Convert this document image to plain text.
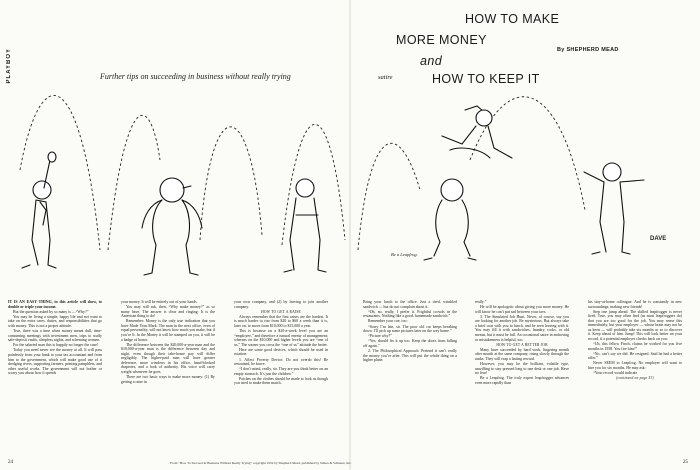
PLAYBOY
HOW TO MAKE
MORE MONEY
and
HOW TO KEEP IT
By SHEPHERD MEAD
Further tips on succeeding in business without really trying	satire
DAVE
Be a Leapfrog.

IT IS AN EASY THING, in this article will show, to double or triple your income.

But the question asked by so many is —“Why?”

You may be living a simple, happy life and not want to take on the extra cares, duties, and responsibilities that go with money. This is not a proper attitude.

True, there was a time when money meant dull, time-consuming meetings with investment men, trips to stuffy safe-deposit vaults, sleepless nights, and scheming women.

For the salaried man this is happily no longer the case!

Today you need never see the money at all. It will pass painlessly from your bank to your tax accountant and from him to the government, which will make good use of it dredging rivers, supporting farmers, printing pamphlets, and other useful works. The government will not bother or worry you about how it spends

your money. It will be entirely out of your hands.

You may still ask, then, “Why make money?” as so many have. The answer is clear and ringing: It is the American thing to do!

Remember: Money is the only true indication that you have Made Your Mark. The man in the next office, even of equal personality, will not know how much you make, but if you’re It. In the Money it will be stamped on you, it will be a badge of honor.

The difference between the $20,000-a-year man and the $18,000-a-year man is the difference between day and night, even though their take-home pay will differ negligibly. The higher-paid man will have greater deference, more windows in his office, hand-blocked draperies, and a look of authority. His voice will carry weight whenever he goes.

There are two basic ways to make more money: (1) By getting a raise in

your own company, and (2) by leaving to join another company.

HOW TO GET A RAISE

Always remember that the first raises are the hardest. It is much harder to rise from $20 to $60 a week than it is, later on, to move from $10,000 to $15,000 a year.

This is because on a $20-a-week level you are an “employee,” and therefore a natural enemy of management; whereas on the $10,000 and higher levels you are “one of us.” The sooner you cross the “one of us” attitude the better.

Here are some good devices, which should be used in rotation:

1. Affect Poverty Device. Do not overdo this! Be restrained, be brave.

“I don’t mind, really, sir. They are you think better on an empty stomach. It’s just the children.”

Patches on the clothes should be made to look as though you tried to make them match.

Bring your lunch to the office. Just a tired, wrinkled sandwich — but do not complain about it.

“Oh, no, really, I prefer it. Frightful crowds in the restaurants. Nothing like a good, homemade sandwich.”

Remember your cue, too:

“Sorry I’m late, sir. The poor old car keeps breaking down. I’ll pick up some pictures later on the way home.”

“Picture why?”

“Yes, should fix it up too. Keep the doors from falling off again.”

2. The Philosophical Approach. Pretend it can’t really the money you’re after. This will put the whole thing on a higher plane.

really.”

He will be apologetic about giving you more money. He will know he can’t put sad between your toes.

3. The Simulated Job Hunt. Never, of course, say you are looking for another job. Be mysterious. But always take a brief coat with you to lunch, and be seen leaving with it. You may fill it with sandwiches, laundry, rocks, or old menus, but it must be full. An occasional satire in endorsing or mistakenness is helpful, too.

HOW TO GET A BETTER JOB

Many have succeeded by hard work, lingering month after month at the same company, rising slowly through the ranks. They will reap a lasting reward.

However, you may be the brilliant, volatile type, unwilling to stay pressed long to one desk or one job. Have no fear!

Be a Leapfrog. The truly expert leapfrogger advances even more rapidly than

his stay-at-home colleague. And he is constantly in new surroundings, making new friends!

Step one jump ahead. The skilled leapfrogger is never fired. True, you may often find (as most leapfroggers do) that you are too good for the job. You may sense this immediately, but your employer — whose brain may not be as keen — will probably take six months or so to discover it. Keep ahead of him. Jump! This will look better on your record, if a potential employer checks back on you:

“Uh, this fellow Finch, claims he worked for you five months in 1958. You fire him?”

“No, can’t say we did. He resigned. Said he had a better offer.”

Never SEEM to Leapfrog. No employer will want to hire you for six months. He may ask:

“Your record would indicate

(continued on page 53)

24	25
From “How To Succeed in Business Without Really Trying” copyright 1952 by Shepherd Mead, published by Simon & Schuster, Inc.
